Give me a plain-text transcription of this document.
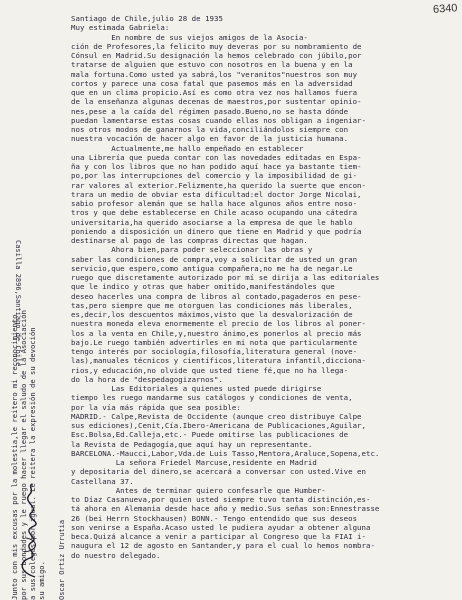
6340
Santiago de Chile,julio 28 de 1935
Muy estimada Gabriela:
En nombre de sus viejos amigos de la Asocia-
ción de Profesores,la felicito muy deveras por su nombramiento de
Cónsul en Madrid.Su designación la hemos celebrado con júbilo,por
tratarse de alguien que estuvo con nosotros en la buena y en la
mala fortuna.Como usted ya sabrá,los "veranitos"nuestros son muy
cortos y parece una cosa fatal que pasemos más en la adversidad
que en un clima propicio.Así es como otra vez nos hallamos fuera
de la enseñanza algunas decenas de maestros,por sustentar opinio-
nes,pese a la caída del régimen pasado.Bueno,no se hasta dónde
puedan lamentarse estas cosas cuando ellas nos obligan a ingeniar-
nos otros modos de ganarnos la vida,conciliándolos siempre con
nuestra vocación de hacer algo en favor de la justicia humana.
Actualmente,me hallo empeñado en establecer
una Librería que pueda contar con las novedades editadas en Espa-
ña y con los libros que no han podido aquí hace ya bastante tiem-
po,por las interrupciones del comercio y la imposibilidad de gi-
rar valores al exterior.Felizmente,ha querido la suerte que encon-
trara un medio de obviar esta dificultad:el doctor Jorge Nicolai,
sabio profesor alemán que se halla hace algunos años entre noso-
tros y que debe establecerse en Chile acaso ocupando una cátedra
universitaria,ha querido asociarse a la empresa de que le hablo
poniendo a disposición un dinero que tiene en Madrid y que podría
destinarse al pago de las compras directas que hagan.
Ahora bien,para poder seleccionar las obras y
saber las condiciones de compra,voy a solicitar de usted un gran
servicio,que espero,como antigua compañera,no me ha de negar.Le
ruego que discretamente autorizado por mí se dirija a las editoriales
que le indico y otras que haber omitido,manifestándoles que
deseo hacerles una compra de libros al contado,pagaderos en pese-
tas,pero siempre que me otorguen las condiciones más liberales,
es,decir,los descuentos máximos,visto que la desvalorización de
nuestra moneda eleva enormemente el precio de los libros al poner-
los a la venta en Chile,y,nuestro ánimo,es ponerlos al precio más
bajo.Le ruego también advertirles en mi nota que particularmente
tengo interés por sociología,filosofía,literatura general (nove-
las),manuales técnicos y científicos,literatura infantil,dicciona-
rios,y educación,no olvide que usted tiene fé,que no ha llega-
do la hora de "despedagogizarnos".
Las Editoriales a quienes usted puede dirigirse
tiempo les ruego mandarme sus catálogos y condiciones de venta,
por la vía más rápida que sea posible:
MADRID.- Calpe,Revista de Occidente (aunque creo distribuye Calpe
sus ediciones),Cenit,Cía.Ibero-Americana de Publicaciones,Aguilar,
Esc.Bolsa,Ed.Calleja,etc.- Puede omitirse las publicaciones de
la Revista de Pedagogía,que aquí hay un representante.
BARCELONA.-Maucci,Labor,Vda.de Luis Tasso,Mentora,Araluce,Sopena,etc.
La señora Friedel Marcuse,residente en Madrid
y depositaria del dinero,se acercará a conversar con usted.Vive en
Castellana 37.
Antes de terminar quiero confesarle que Humber-
to Díaz Casanueva,por quien usted siempre tuvo tanta distinción,es-
tá ahora en Alemania desde hace año y medio.Sus señas son:Ennestrasse
26 (bei Herrn Stockhausen) BONN.- Tengo entendido que sus deseos
son venirse a España.Acaso usted le pudiera ayudar a obtener alguna
beca.Quizá alcance a venir a participar al Congreso que la FIAI i-
naugura el 12 de agosto en Santander,y para el cual lo hemos nombra-
do nuestro delegado.
Junto con mis excusas por la molestia,le reitero mi reconocimiento por sus bondades y le ruego hacer llegar el saludo de la Asociación a sus colegas por igual. Le reitera la expresión de su devoción su amigo.
Casilla 2896,Santiago de Chile
Oscar Ortiz Urrutia
